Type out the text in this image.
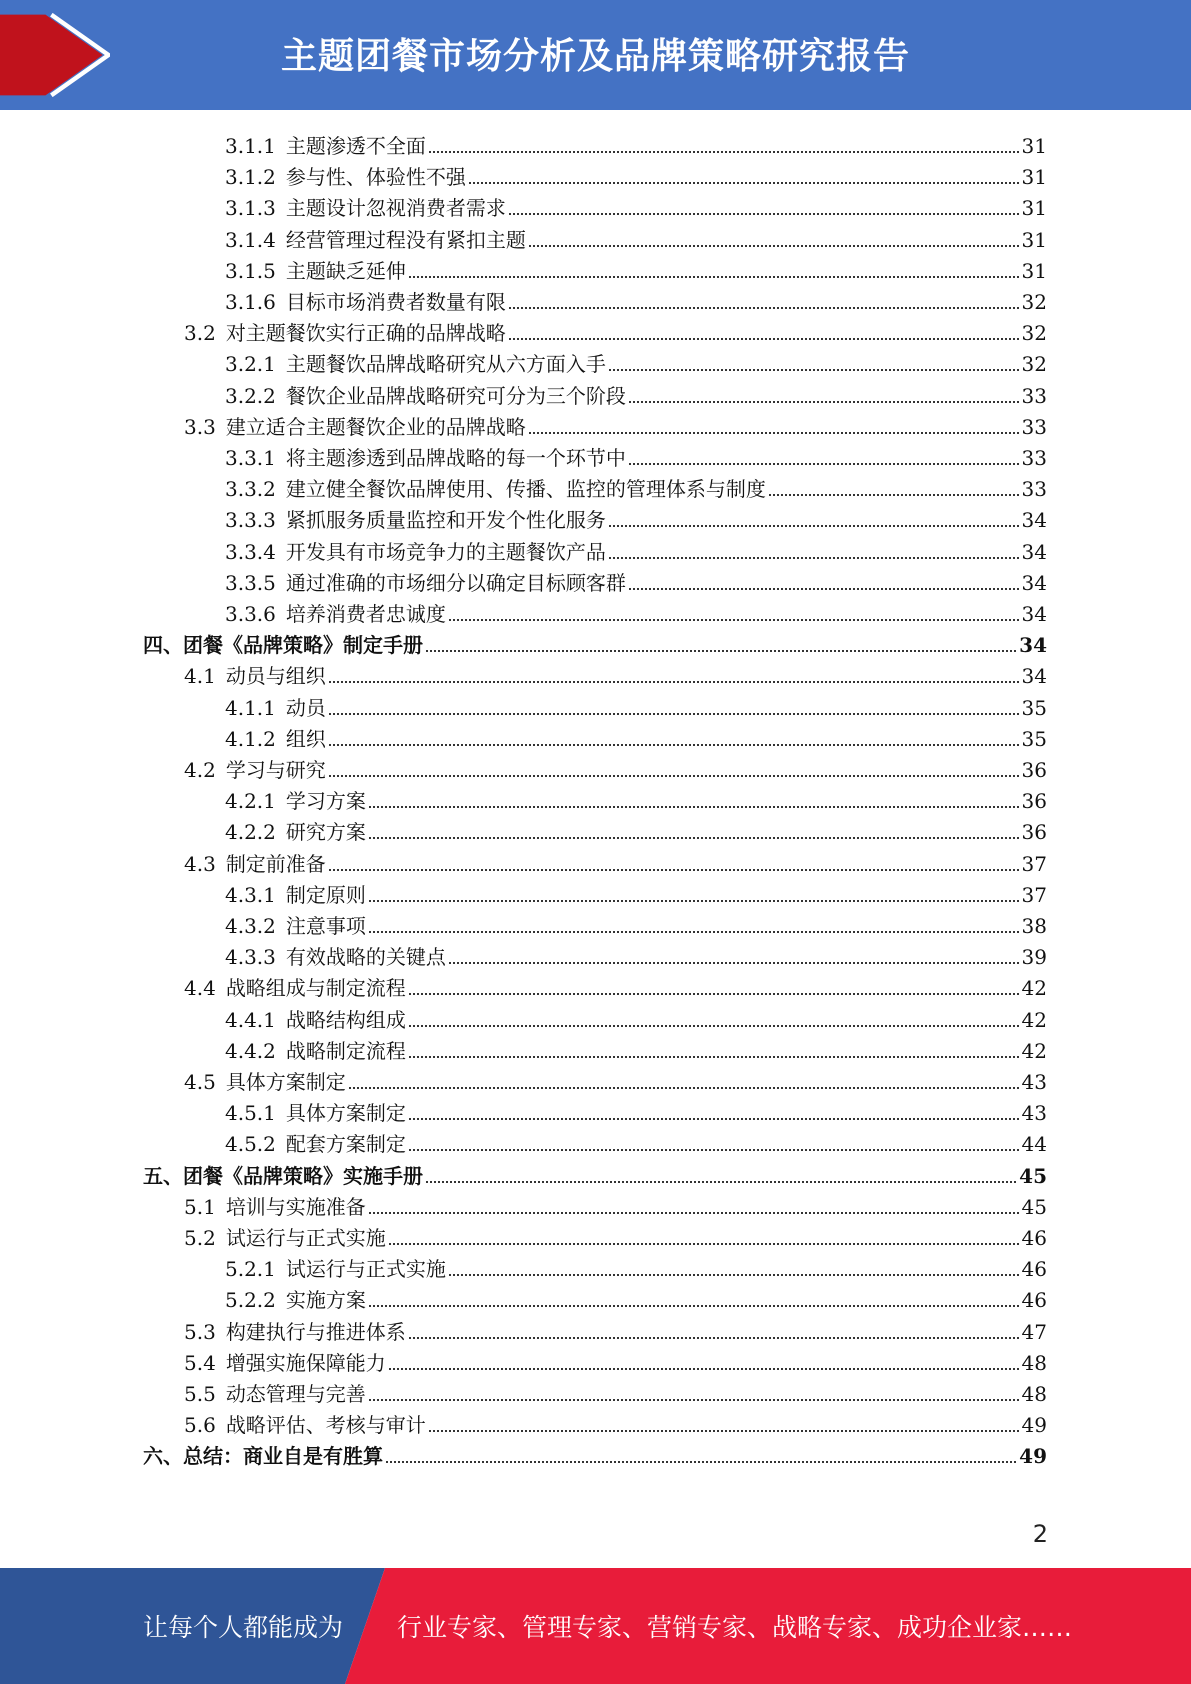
主题团餐市场分析及品牌策略研究报告
3.1.1 主题渗透不全面	31
3.1.2 参与性、体验性不强	31
3.1.3 主题设计忽视消费者需求	31
3.1.4 经营管理过程没有紧扣主题	31
3.1.5 主题缺乏延伸	31
3.1.6 目标市场消费者数量有限	32
3.2 对主题餐饮实行正确的品牌战略	32
3.2.1 主题餐饮品牌战略研究从六方面入手	32
3.2.2 餐饮企业品牌战略研究可分为三个阶段	33
3.3 建立适合主题餐饮企业的品牌战略	33
3.3.1 将主题渗透到品牌战略的每一个环节中	33
3.3.2 建立健全餐饮品牌使用、传播、监控的管理体系与制度	33
3.3.3 紧抓服务质量监控和开发个性化服务	34
3.3.4 开发具有市场竞争力的主题餐饮产品	34
3.3.5 通过准确的市场细分以确定目标顾客群	34
3.3.6 培养消费者忠诚度	34
四、团餐《品牌策略》制定手册	34
4.1 动员与组织	34
4.1.1 动员	35
4.1.2 组织	35
4.2 学习与研究	36
4.2.1 学习方案	36
4.2.2 研究方案	36
4.3 制定前准备	37
4.3.1 制定原则	37
4.3.2 注意事项	38
4.3.3 有效战略的关键点	39
4.4 战略组成与制定流程	42
4.4.1 战略结构组成	42
4.4.2 战略制定流程	42
4.5 具体方案制定	43
4.5.1 具体方案制定	43
4.5.2 配套方案制定	44
五、团餐《品牌策略》实施手册	45
5.1 培训与实施准备	45
5.2 试运行与正式实施	46
5.2.1 试运行与正式实施	46
5.2.2 实施方案	46
5.3 构建执行与推进体系	47
5.4 增强实施保障能力	48
5.5 动态管理与完善	48
5.6 战略评估、考核与审计	49
六、总结：商业自是有胜算	49
2
让每个人都能成为 行业专家、管理专家、营销专家、战略专家、成功企业家……
